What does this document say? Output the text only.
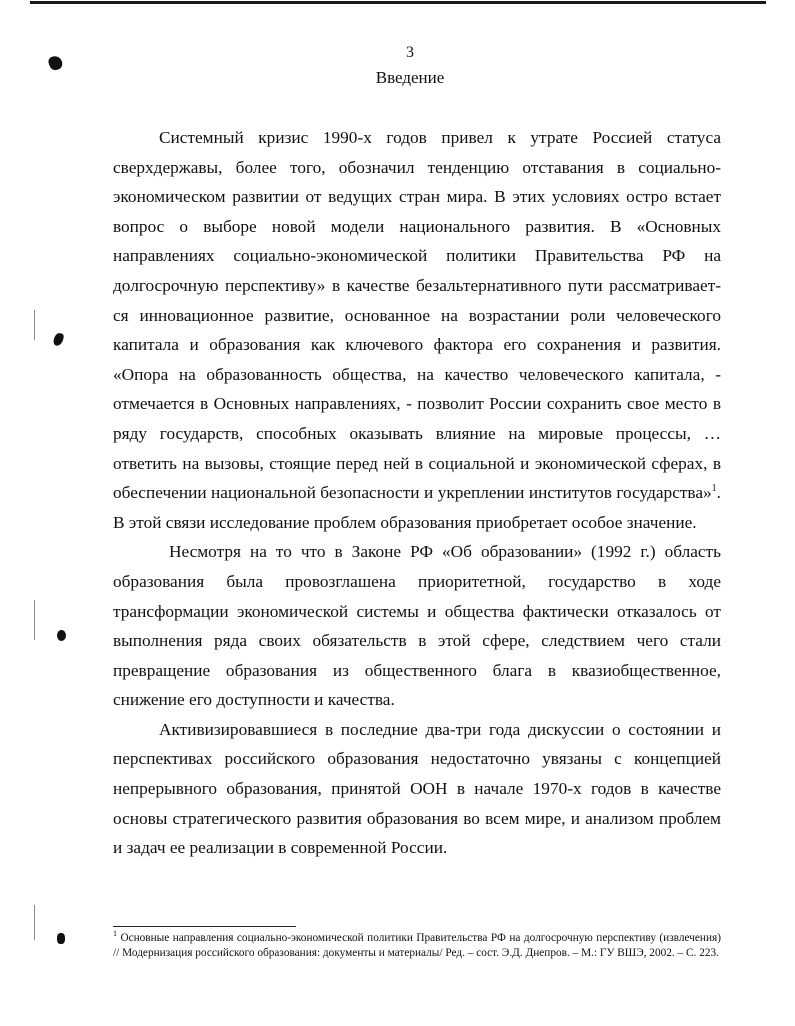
3
Введение

Системный кризис 1990-х годов привел к утрате Россией статуса сверхдержавы, более того, обозначил тенденцию отставания в социально-экономическом развитии от ведущих стран мира. В этих условиях остро встает вопрос о выборе новой модели национального развития. В «Основных направлениях социально-экономической политики Правительства РФ на долгосрочную перспективу» в качестве безальтернативного пути рассматривает-ся инновационное развитие, основанное на возрастании роли человеческого капитала и образования как ключевого фактора его сохранения и развития. «Опора на образованность общества, на качество человеческого капитала, - отмечается в Основных направлениях, - позволит России сохранить свое место в ряду государств, способных оказывать влияние на мировые процессы, … ответить на вызовы, стоящие перед ней в социальной и экономической сферах, в обеспечении национальной безопасности и укреплении институтов государства»$^1$. В этой связи исследование проблем образования приобретает особое значение.

Несмотря на то что в Законе РФ «Об образовании» (1992 г.) область образования была провозглашена приоритетной, государство в ходе трансформации экономической системы и общества фактически отказалось от выполнения ряда своих обязательств в этой сфере, следствием чего стали превращение образования из общественного блага в квазиобщественное, снижение его доступности и качества.

Активизировавшиеся в последние два-три года дискуссии о состоянии и перспективах российского образования недостаточно увязаны с концепцией непрерывного образования, принятой ООН в начале 1970-х годов в качестве основы стратегического развития образования во всем мире, и анализом проблем и задач ее реализации в современной России.

$^1$ Основные направления социально-экономической политики Правительства РФ на долгосрочную перспективу (извлечения) // Модернизация российского образования: документы и материалы/ Ред. – сост. Э.Д. Днепров. – М.: ГУ ВШЭ, 2002. – С. 223.
